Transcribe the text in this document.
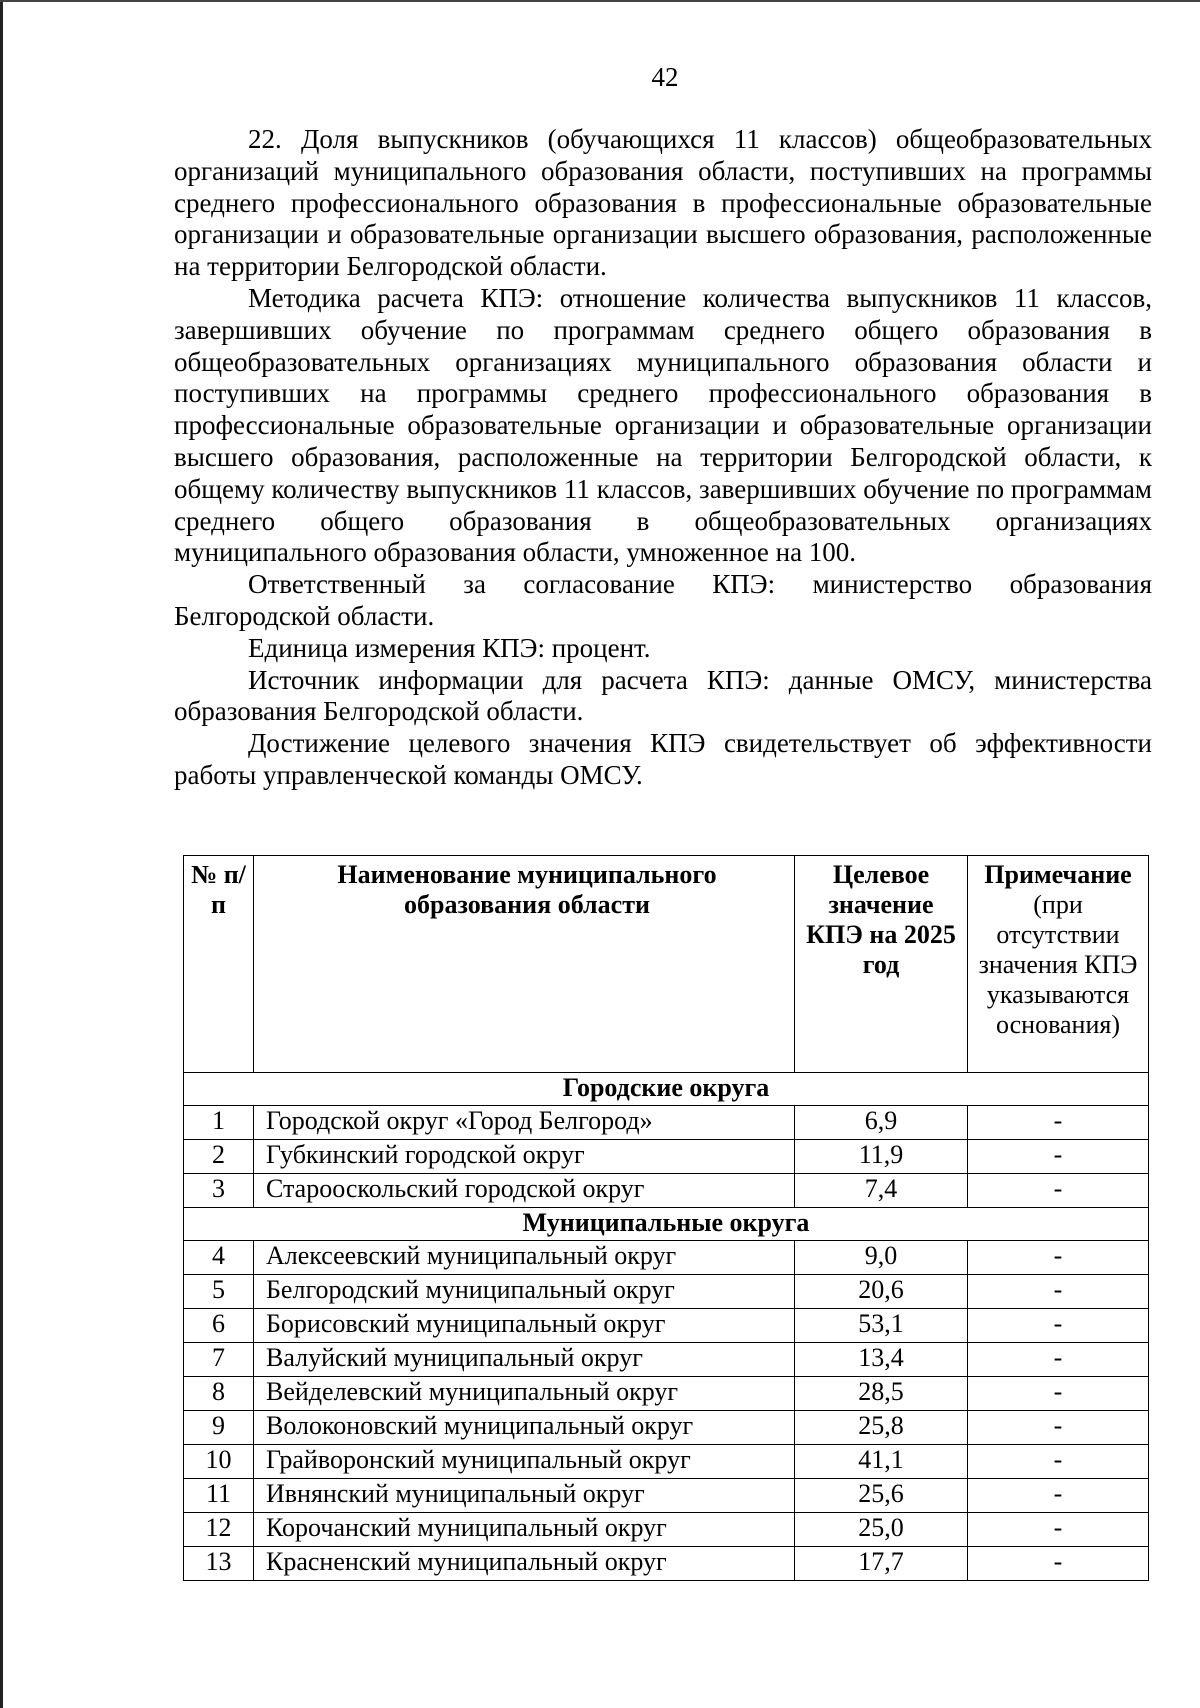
42

22. Доля выпускников (обучающихся 11 классов) общеобразовательных организаций муниципального образования области, поступивших на программы среднего профессионального образования в профессиональные образовательные организации и образовательные организации высшего образования, расположенные на территории Белгородской области.

Методика расчета КПЭ: отношение количества выпускников 11 классов, завершивших обучение по программам среднего общего образования в общеобразовательных организациях муниципального образования области и поступивших на программы среднего профессионального образования в профессиональные образовательные организации и образовательные организации высшего образования, расположенные на территории Белгородской области, к общему количеству выпускников 11 классов, завершивших обучение по программам среднего общего образования в общеобразовательных организациях муниципального образования области, умноженное на 100.

Ответственный за согласование КПЭ: министерство образования Белгородской области.

Единица измерения КПЭ: процент.

Источник информации для расчета КПЭ: данные ОМСУ, министерства образования Белгородской области.

Достижение целевого значения КПЭ свидетельствует об эффективности работы управленческой команды ОМСУ.

№ п/п	Наименование муниципального образования области	Целевое значение КПЭ на 2025 год	Примечание (при отсутствии значения КПЭ указываются основания)
Городские округа			
1	Городской округ «Город Белгород»	6,9	-
2	Губкинский городской округ	11,9	-
3	Старооскольский городской округ	7,4	-
Муниципальные округа			
4	Алексеевский муниципальный округ	9,0	-
5	Белгородский муниципальный округ	20,6	-
6	Борисовский муниципальный округ	53,1	-
7	Валуйский муниципальный округ	13,4	-
8	Вейделевский муниципальный округ	28,5	-
9	Волоконовский муниципальный округ	25,8	-
10	Грайворонский муниципальный округ	41,1	-
11	Ивнянский муниципальный округ	25,6	-
12	Корочанский муниципальный округ	25,0	-
13	Красненский муниципальный округ	17,7	-
